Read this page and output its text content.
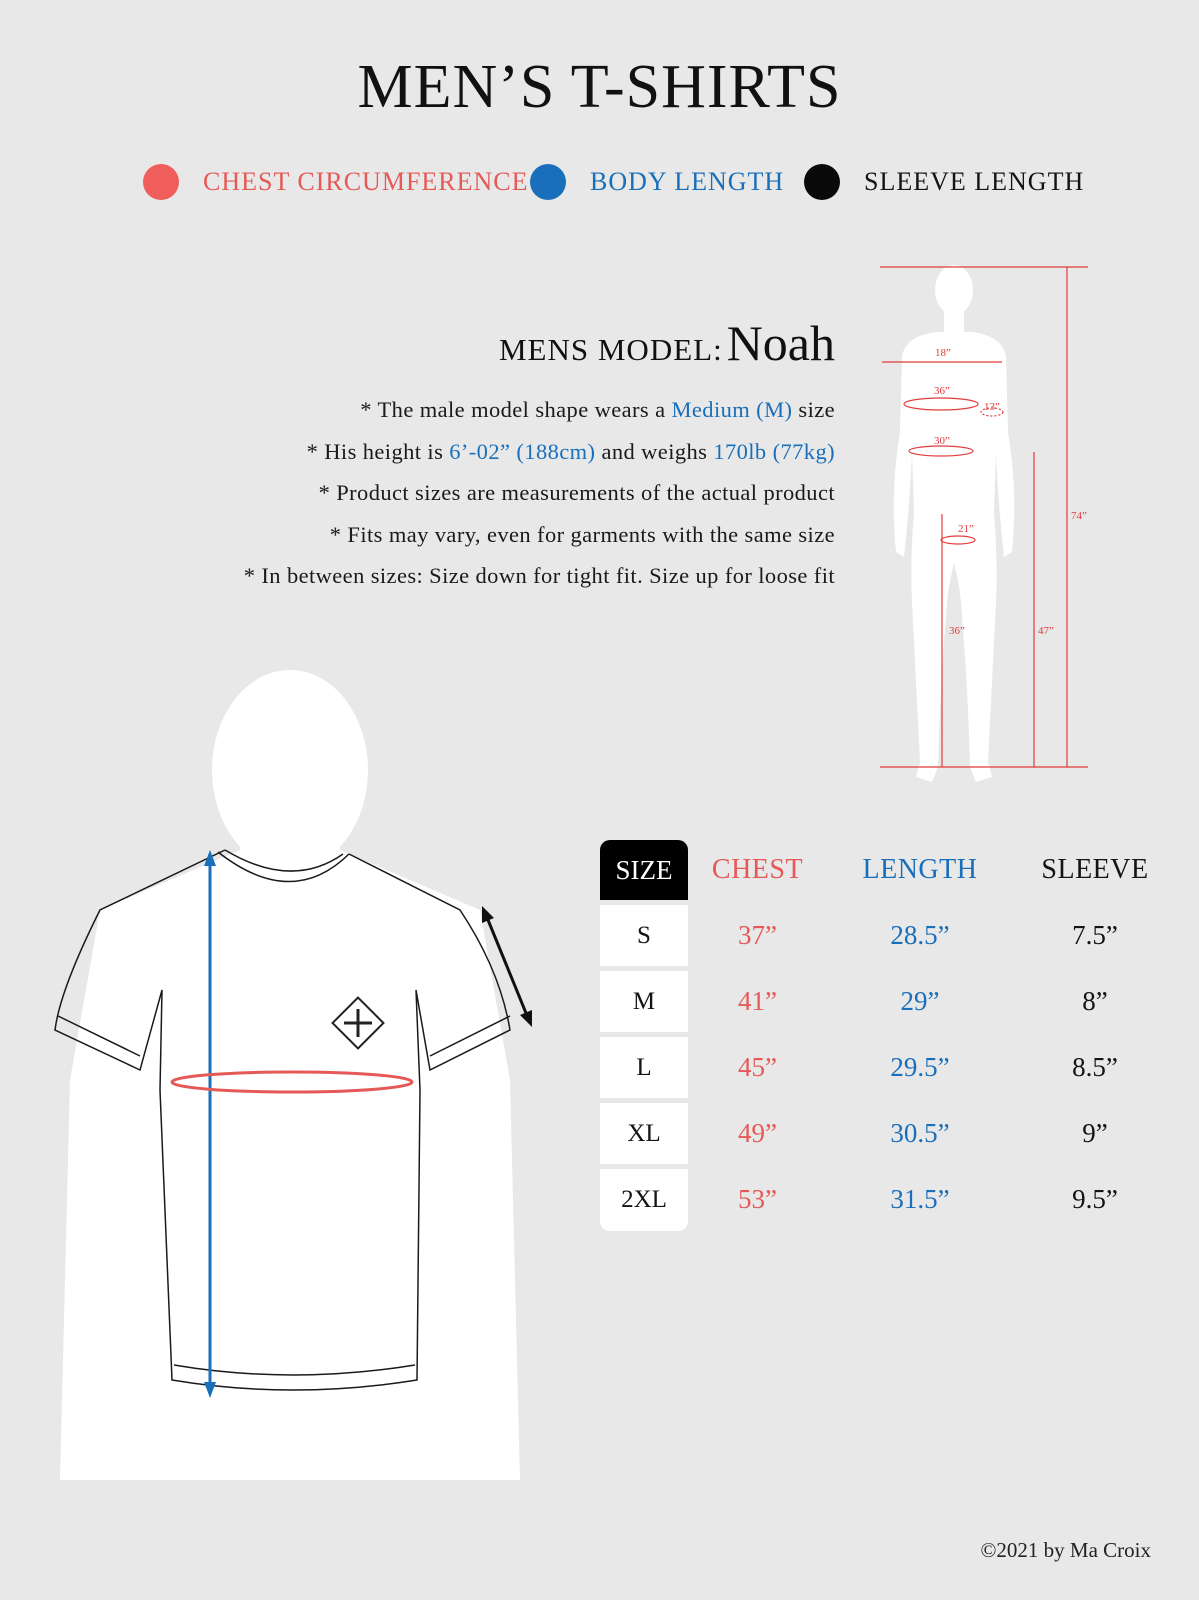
MEN’S T-SHIRTS
CHEST CIRCUMFERENCE BODY LENGTH	SLEEVE LENGTH
MENS MODEL: Noah
* The male model shape wears a Medium (M) size
* His height is 6’-02” (188cm) and weighs 170lb (77kg)
* Product sizes are measurements of the actual product
* Fits may vary, even for garments with the same size
* In between sizes: Size down for tight fit. Size up for loose fit
18”
36”
13”
30”
21”
36”	47”
74”
SIZE
S
M
L
XL
2XL
CHEST
37”
41”
45”
49”
53”
LENGTH
28.5”
29”
29.5”
30.5”
31.5”
SLEEVE
7.5”
8”
8.5”
9”
9.5”
©2021 by Ma Croix
